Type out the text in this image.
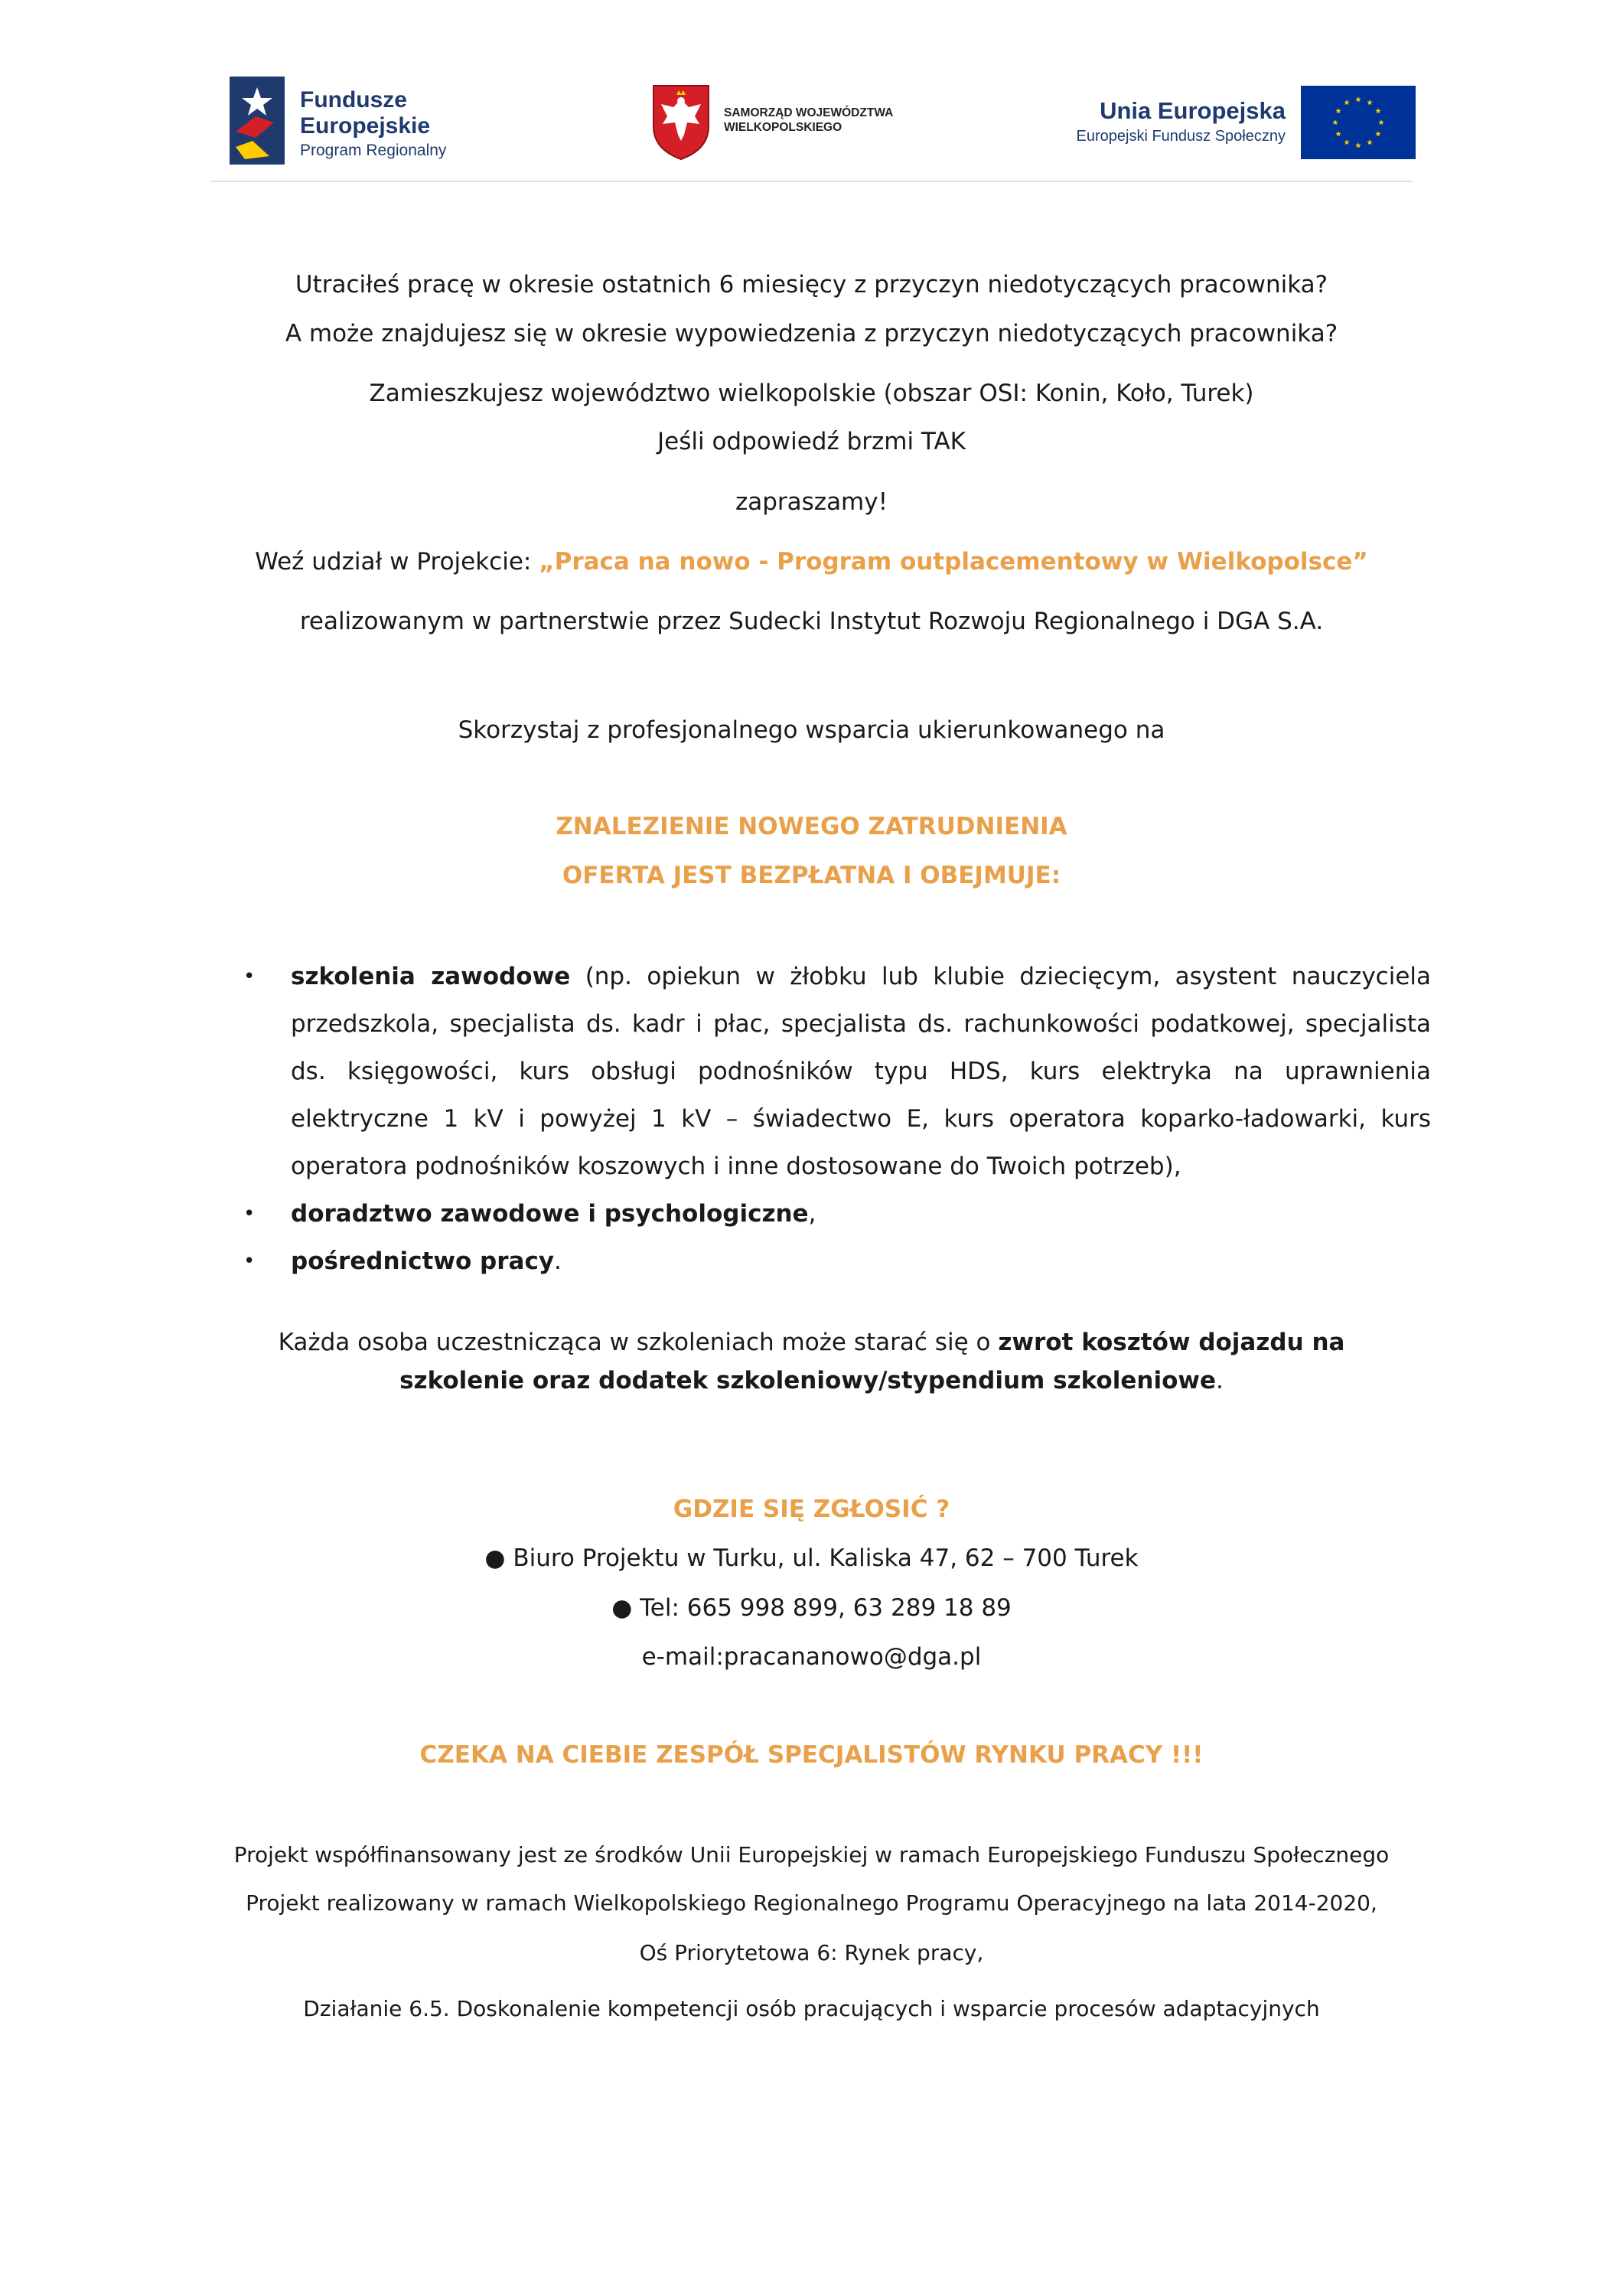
Fundusze
Europejskie
Program Regionalny
SAMORZĄD WOJEWÓDZTWA
WIELKOPOLSKIEGO
Unia Europejska
Europejski Fundusz Społeczny
Utraciłeś pracę w okresie ostatnich 6 miesięcy z przyczyn niedotyczących pracownika?
A może znajdujesz się w okresie wypowiedzenia z przyczyn niedotyczących pracownika?
Zamieszkujesz województwo wielkopolskie (obszar OSI: Konin, Koło, Turek)
Jeśli odpowiedź brzmi TAK
zapraszamy!
Weź udział w Projekcie: „Praca na nowo - Program outplacementowy w Wielkopolsce”
realizowanym w partnerstwie przez Sudecki Instytut Rozwoju Regionalnego i DGA S.A.
Skorzystaj z profesjonalnego wsparcia ukierunkowanego na
ZNALEZIENIE NOWEGO ZATRUDNIENIA
OFERTA JEST BEZPŁATNA I OBEJMUJE:
• szkolenia zawodowe (np. opiekun w żłobku lub klubie dziecięcym, asystent nauczyciela przedszkola, specjalista ds. kadr i płac, specjalista ds. rachunkowości podatkowej, specjalista ds. księgowości, kurs obsługi podnośników typu HDS, kurs elektryka na uprawnienia elektryczne 1 kV i powyżej 1 kV – świadectwo E, kurs operatora koparko-ładowarki, kurs operatora podnośników koszowych i inne dostosowane do Twoich potrzeb),
• doradztwo zawodowe i psychologiczne,
• pośrednictwo pracy.
Każda osoba uczestnicząca w szkoleniach może starać się o zwrot kosztów dojazdu na
szkolenie oraz dodatek szkoleniowy/stypendium szkoleniowe.
GDZIE SIĘ ZGŁOSIĆ ?
● Biuro Projektu w Turku, ul. Kaliska 47, 62 – 700 Turek
● Tel: 665 998 899, 63 289 18 89
e-mail:pracananowo@dga.pl
CZEKA NA CIEBIE ZESPÓŁ SPECJALISTÓW RYNKU PRACY !!!
Projekt współfinansowany jest ze środków Unii Europejskiej w ramach Europejskiego Funduszu Społecznego
Projekt realizowany w ramach Wielkopolskiego Regionalnego Programu Operacyjnego na lata 2014-2020,
Oś Priorytetowa 6: Rynek pracy,
Działanie 6.5. Doskonalenie kompetencji osób pracujących i wsparcie procesów adaptacyjnych
